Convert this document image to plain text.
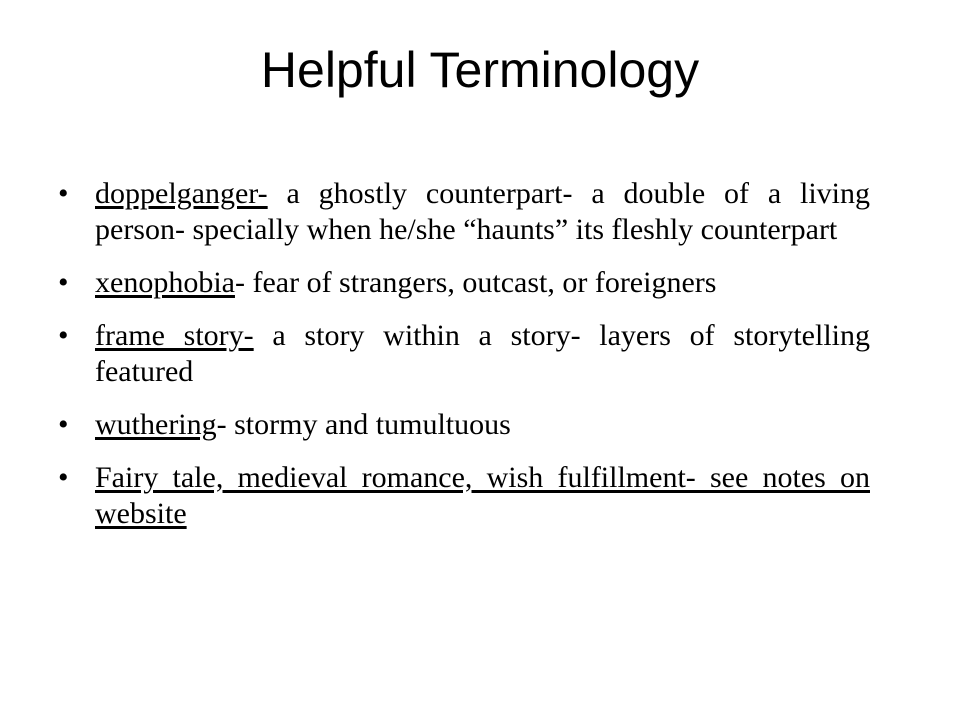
Helpful Terminology
• doppelganger- a ghostly counterpart- a double of a living person- specially when he/she “haunts” its fleshly counterpart
• xenophobia- fear of strangers, outcast, or foreigners
• frame story- a story within a story- layers of storytelling featured
• wuthering- stormy and tumultuous
• Fairy tale, medieval romance, wish fulfillment- see notes on website
